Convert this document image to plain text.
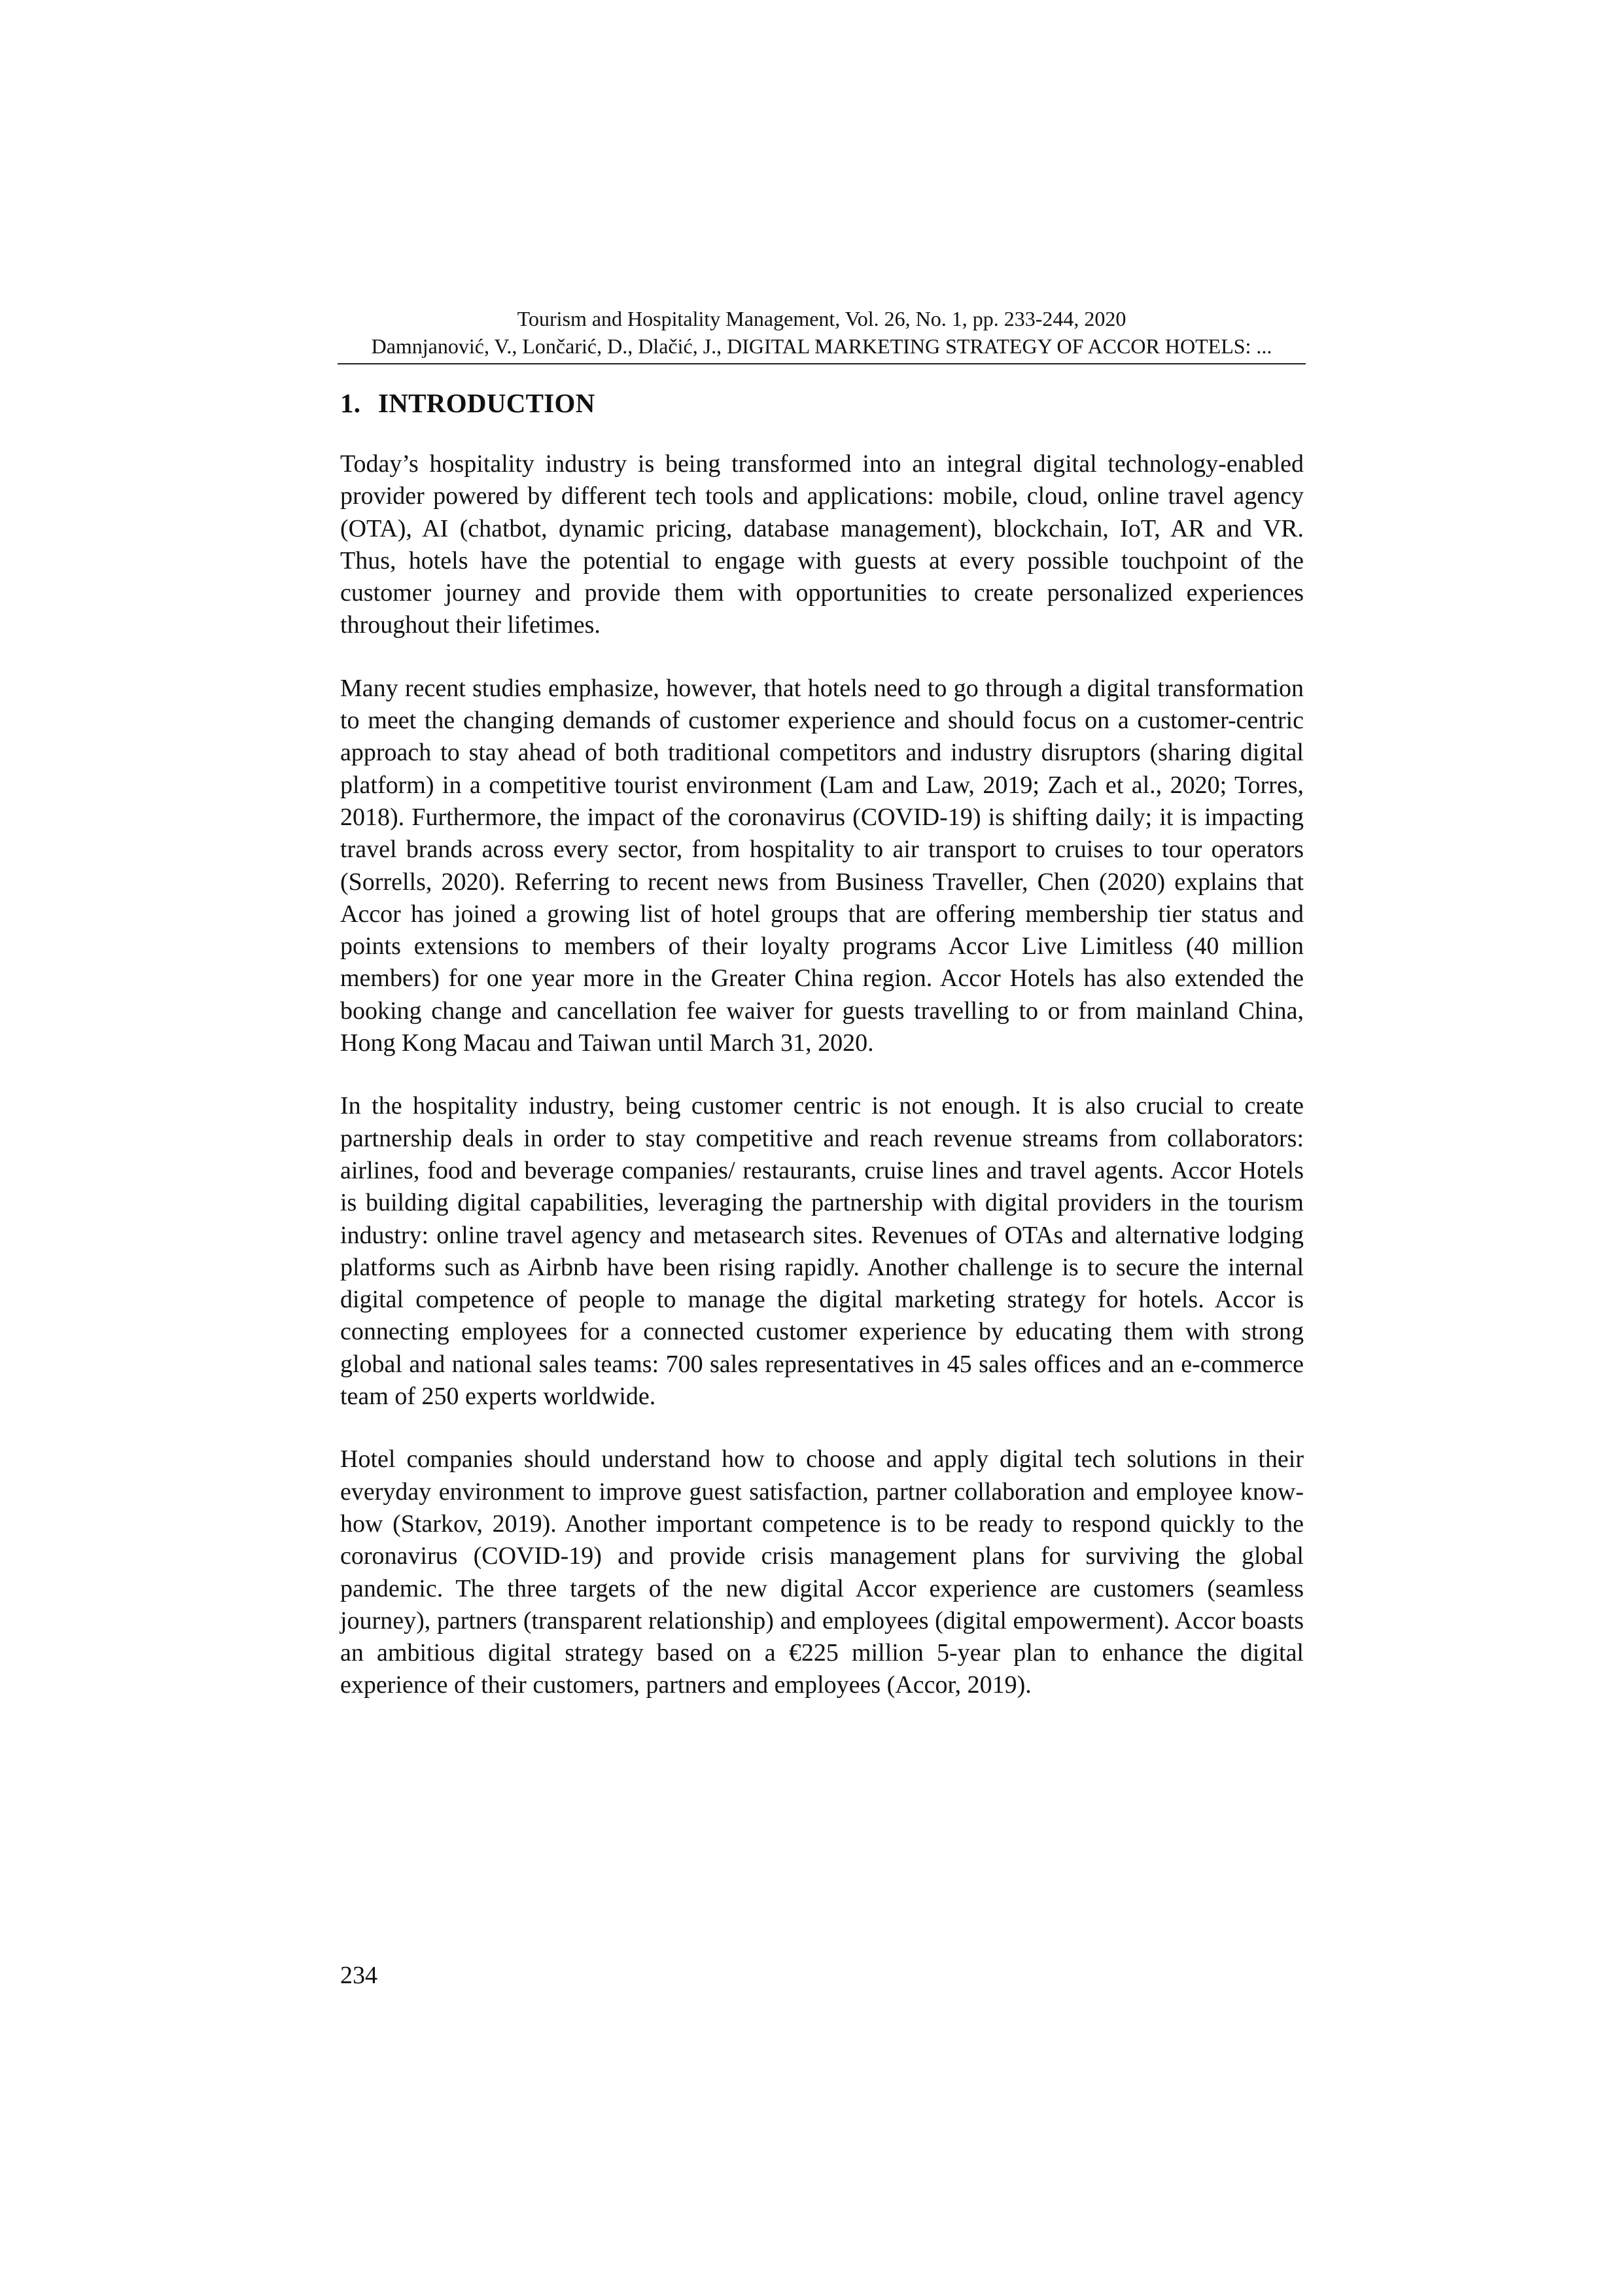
Tourism and Hospitality Management, Vol. 26, No. 1, pp. 233-244, 2020
Damnjanović, V., Lončarić, D., Dlačić, J., DIGITAL MARKETING STRATEGY OF ACCOR HOTELS: ...
1. INTRODUCTION

Today’s hospitality industry is being transformed into an integral digital technology-enabled provider powered by different tech tools and applications: mobile, cloud, online travel agency (OTA), AI (chatbot, dynamic pricing, database management), blockchain, IoT, AR and VR. Thus, hotels have the potential to engage with guests at every possible touchpoint of the customer journey and provide them with opportunities to create personalized experiences throughout their lifetimes.

Many recent studies emphasize, however, that hotels need to go through a digital transformation to meet the changing demands of customer experience and should focus on a customer-centric approach to stay ahead of both traditional competitors and industry disruptors (sharing digital platform) in a competitive tourist environment (Lam and Law, 2019; Zach et al., 2020; Torres, 2018). Furthermore, the impact of the coronavirus (COVID-19) is shifting daily; it is impacting travel brands across every sector, from hospitality to air transport to cruises to tour operators (Sorrells, 2020). Referring to recent news from Business Traveller, Chen (2020) explains that Accor has joined a growing list of hotel groups that are offering membership tier status and points extensions to members of their loyalty programs Accor Live Limitless (40 million members) for one year more in the Greater China region. Accor Hotels has also extended the booking change and cancellation fee waiver for guests travelling to or from mainland China, Hong Kong Macau and Taiwan until March 31, 2020.

In the hospitality industry, being customer centric is not enough. It is also crucial to create partnership deals in order to stay competitive and reach revenue streams from collaborators: airlines, food and beverage companies/ restaurants, cruise lines and travel agents. Accor Hotels is building digital capabilities, leveraging the partnership with digital providers in the tourism industry: online travel agency and metasearch sites. Revenues of OTAs and alternative lodging platforms such as Airbnb have been rising rapidly. Another challenge is to secure the internal digital competence of people to manage the digital marketing strategy for hotels. Accor is connecting employees for a connected customer experience by educating them with strong global and national sales teams: 700 sales representatives in 45 sales offices and an e-commerce team of 250 experts worldwide.

Hotel companies should understand how to choose and apply digital tech solutions in their everyday environment to improve guest satisfaction, partner collaboration and employee know-how (Starkov, 2019). Another important competence is to be ready to respond quickly to the coronavirus (COVID-19) and provide crisis management plans for surviving the global pandemic. The three targets of the new digital Accor experience are customers (seamless journey), partners (transparent relationship) and employees (digital empowerment). Accor boasts an ambitious digital strategy based on a €225 million 5-year plan to enhance the digital experience of their customers, partners and employees (Accor, 2019).

234
